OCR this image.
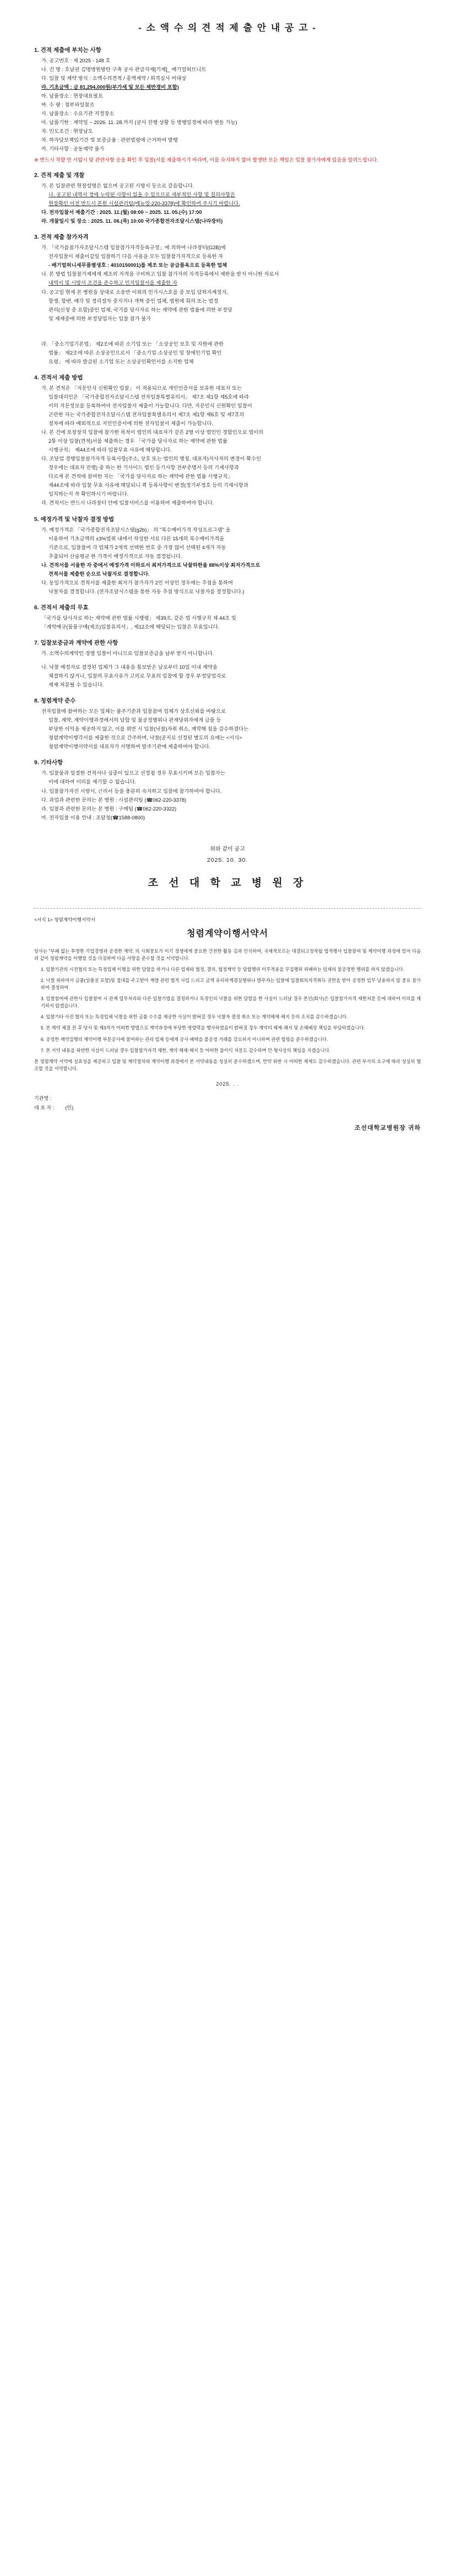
- 소 액 수 의 견 적 제 출 안 내 공 고 -
1. 견적 제출에 부치는 사항
가. 공고번호 : 제 2025 - 148 호
나. 건 명 : 호남권 김명병원방탄 구축 공사 관급자재[기계]_ 배기얼허브니트
다. 입찰 및 계약 방식 : 소액수의견적 / 총액계약 / 희격심사 비대상
라. 기초금액 : 금 81,294,000원(부가세 및 모든 제반경비 포함)
마. 납품장소 : 현장대표필요
바. 수 량 : 첨부파일참조
사. 납품장소 : 수요기관 지정장소
아. 납품기한 : 계약일 ~ 2026. 11. 28.까지 (공사 진행 상황 등 병행일정에 따라 변동 가능)
자. 인도조건 : 현장납도
차. 하자담보책임기간 및 보증금율 : 관련법령에 근거하여 발행
카. 기타사항 : 공동계약 불가
※ 반드시 착할 만 서없시 맞 관련사항 응을 확인 후 입찰(서를 제출하시기 바라며, 이를 숙지하지 않아 발생한 모든 책임은 입찰 참가자에게 있음을 알려드립니다.
2. 견적 제출 및 개찰
가. 본 입찰관련 현장설명은 없으며 공고된 시방서 등으로 갈음합니다.
나. 공고된 내역서 정에 누락된 사항이 있을 수 있으므로 세부적인 사항 및 질의사항은
현장확인 이전 반드시 본원 시설관리팀(메뉴얼-220-3378)에 확인하여 주시기 바랍니다.
다. 전자입찰서 제출기간 : 2025. 11.(월) 08:00 ~ 2025. 11. 05.(수) 17:00
라. 개찰일시 및 장소 : 2025. 11. 06.(목) 10:00 국가종합전자조달시스템(나라장터)
3. 견적 제출 참가자격
가. 「국가를참가자조달시스템 입찰참가자격등록규정」에 의하여 나라장터(G2B)에
전자입찰이 제출이갑일 입찰하기 다음 사용을 모두 입찰참가자격으로 등록한 자
- 배기얼허니세무품별생호 : 4010150001)를 제조 또는 공급품옥으로 등록한 업체
나. 본 방법 입찰참가제에게 제조의 자격을 구비하고 입찰 참가자의 자격등록에서 제한을 받지 아니한 자로서
내역서 및 시방서 조건을 준수하고 인지입찰서를 제출한 자
다. 공고일 현재 본 병원을 상대로 소송반 이외의 인가시스호를 중 보입 담하자계정지,
항쟁, 항변, 예각 및 정리절차 중지거나 개혁 중인 업체, 법원에 회의 또는 법정
관리(신청 중 요함)중인 업체, 국가를 당사자로 하는 계약에 관한 법률에 의한 부정당
및 제재중에 의한 부정당업자는 입찰 참가 불가
라. 「중소기업기본법」 제2조에 따른 소기업 또는 「소상공인 보호 및 지원에 관한
법률」 제2조에 따른 소상공인으로서 「중소기업·소상공인 및 장애인기업 확인
요령」 에 따라 발급된 소기업 또는 소상공인확인서를 소지한 업체
4. 견적서 제출 방법
가. 본 견적은 「지문인식 신원확인 입찰」 이 적용되므로 개인인증서를 보유한 대표자 또는
입찰대리인은 「국가종합전자조달시스템 전자입찰특별유의서」 제7조 제1항 제5호에 따라
이의 지문정보를 등록하여야 전자입찰서 제출이 가능합니다. 다만, 지문인식 신원확인 입찰이
곤란한 자는 국가종합전자조달시스템 전자입찰특별유의서 제7조 제1항 제6호 및 제7호의
절차에 따라 예외적으로 지인인증서에 의한 전자입찰서 제출이 가능합니다.
나. 본 건에 포장장치 입찰에 참가한 목적이 법인의 대표자가 같은 2명 이상 법인인 경합인으로 법이의
2통 이상 입찰(견적)서를 제출하는 경우 「국가를 당사자로 하는 계약에 관한 법률
시행규칙」 제44조에 따라 입찰무효 사유에 해당합니다.
다. 조달업 경행입찰참가자격 등록사항(주소, 상호 또는 법인의 명칭, 대표자)지사자의 변경이 확수인
경우에는 대표자 진행) 중 하는 한 기사이드 법인 등기사항 전부증명서 등의 기재사항과
다르게 본 견적에 참여한 자는 「국가를 당사자로 하는 계약에 관한 법률 시행규칙」
제44조에 따라 입찰 무효 사유에 해당되니 퀵 등록사항이 변경(정기부정호 등의 기재사항과
일치하는지 꼭 확인하시기 바랍니다.
라. 견적서는 반드시 나라장터 안에 입찰서비스를 이용하여 제출하여야 합니다.
5. 예정가격 및 낙찰자 결정 방법
가. 예정가격은 「국가종합전자조달시스템(g2b)」 의 "복수예비가격 작성프로그램" 을
이용하여 기초금액의 ±3%범위 내에서 작성한 서로 다른 15개의 복수예비가격을
기준으로, 입찰참여 각 업체가 2개씩 선택한 번호 중 가장 많이 선택된 4개가 자동
추출되어 산술평균 한 가격이 예정가격으로 자동 결정됩니다.
나. 견적서를 서울한 자 중에서 예정가격 이하로서 최저가격으로 낙찰하한율 88%이상 최저가격으로
견적서를 제출한 순으로 낙찰자로 결정합니다.
다. 동일가격으로 견적서를 제출한 최저가 참가자가 2인 이상인 경우에는 추첨을 통하여
낙찰자를 결정합니다. (전자조달시스템을 통한 자동 추첨 방식으로 낙찰자를 결정합니다.)
6. 견적서 제출의 무효
「국가를 당사자로 하는 계약에 관한 법률 시행령」 제39조, 같은 법 시행규칙 제 44조 및
「계약예규(물품구매(제조)입찰유의서」, 제12조에 해당되는 입찰은 무효입니다.
7. 입찰보증금과 계약에 관한 사항
가. 소액수의계약인 경별 입찰이 아니므로 입찰보증금을 납부 받지 아니합니다.
나. 낙찰 예정자로 결정된 업체가 그 내용을 통보받은 날로부터 10일 이내 계약을
체결하지 않거나, 입찰의 무효사유가 고의로 무효의 입찰에 할 경우 부정당업자로
제재 처분될 수 있습니다.
8. 청렴계약 준수
전자입찰에 참여하는 모든 업체는 불주기준과 입찰참여 업체가 상호신뢰를 바탕으로
입찰, 계약, 계약이행과정에서의 담합 및 불공정행위나 관계당위자에게 금품 등
부당한 이익을 제공하지 않고, 이를 위반 시 입찰(낙찰)자취 취소, 계약해 침을 감수하겠다는
청렴계약이행각서를 제출한 것으로 간주하며, 낙찰(공지로 선정된 별도의 요에는 <서식>
청렴계약이행서약서를 대표자가 서명하여 발주기관에 제출하여야 합니다.
9. 기타사항
가. 입찰물과 일절한 견적서나 심중이 있으고 선정점 경우 무효시키며 모든 입찰자는
이에 대하여 이의를 제기할 수 없습니다.
나. 입찰참가자진 시방서, 근리서 등을 충분히 숙지하고 입찰에 참가하여야 합니다.
다. 과업과 관련한 문의는 본 병원 : 시설관리팀 (☎062-220-3378)
라. 입찰과 관련한 문의는 본 병원 : 구매팀 (☎062-220-3322)
마. 전자입찰 이용 안내 : 조달청(☎1588-0800)
위와 같이 공고
2025. 10. 30.
조 선 대 학 교 병 원 장
<서식 1> 청렴계약이행서약서
청렴계약이행서약서
당사는 "부패 없는 투명한 기업경영과 공정한 계약, 의 사회풍토가 이기 경쟁에게 중요한 건전한 활동 김과 인식하여, 국제적모르는 대결되고정착될 법적행사 입찰참여 및 계약이행 과정에 있어 다음과 같이 청렴계약을 이행할 것을 다짐하며 다음 사항을 준수할 것을 서약합니다.
1. 입찰기관의 시전협의 또는 특정업체 이행을 위한 담합을 하거나 다른 업체와 협정, 결의, 협정계약 등 담합행위 이루적용을 무집행위 위배하는 일체의 불공정한 행위를 하지 않겠습니다.
2. 낙찰 위하여서 금품(상품권 포함)및 접대를 주고받아 계열 관련 법적 사업 드리고 금액 유리하계결실행위나 발주자는 입찰에 입찰회의자격취득 권한을 받아 공정한 업무 남용하지 않 중요 참가하여 결정하여
3. 입찰참여에 관한사 입찰참여 시 관계 업무처리와 다른 입찰기법을 결정하거나 특정인의 낙찰을 위한 담합을 한 사실이 드러날 경우 본인(회사)은 입찰참가자격 제한처분 등에 대하여 이의를 제기하지 않겠습니다.
4. 입찰기타 사전 협의 또는 특정업체 낙찰을 위한 금품 수수를 제공한 사실이 밝혀질 경우 낙찰자 결정 취소 또는 계약해제·해지 등의 조치를 감수하겠습니다.
5. 본 계약 체결 전·후 당사 및 제3자가 어떠한 방법으로 계약과정에 부당한 영향력을 행사하였음이 밝혀질 경우 계약의 해제·해지 및 손해배상 책임을 부담하겠습니다.
6. 공정한 계약집행의 계약이행 부분공사에 참여하는 관리 업체 등에게 공사 혜택을 불공정 거래를 강요하지 아니하며 관련 법령을 준수하겠습니다.
7. 본 서약 내용을 위반한 사실이 드러날 경우 입찰참가자격 제한, 계약 해제·해지 등 어떠한 불이익 처분도 감수하며 민·형사상의 책임을 지겠습니다.
본 청렴계약 서약에 실효성을 제공하고 입찰 및 계약절차와 계약이행 과정에서 본 서약내용을 성실히 준수하겠으며, 만약 위반 시 어떠한 제재도 감수하겠습니다. 관련 부서의 요구에 따라 성실히 협조할 것을 서약합니다.
2025. . .
기관명 :
대 표 자 : (인)
조선대학교병원장 귀하
